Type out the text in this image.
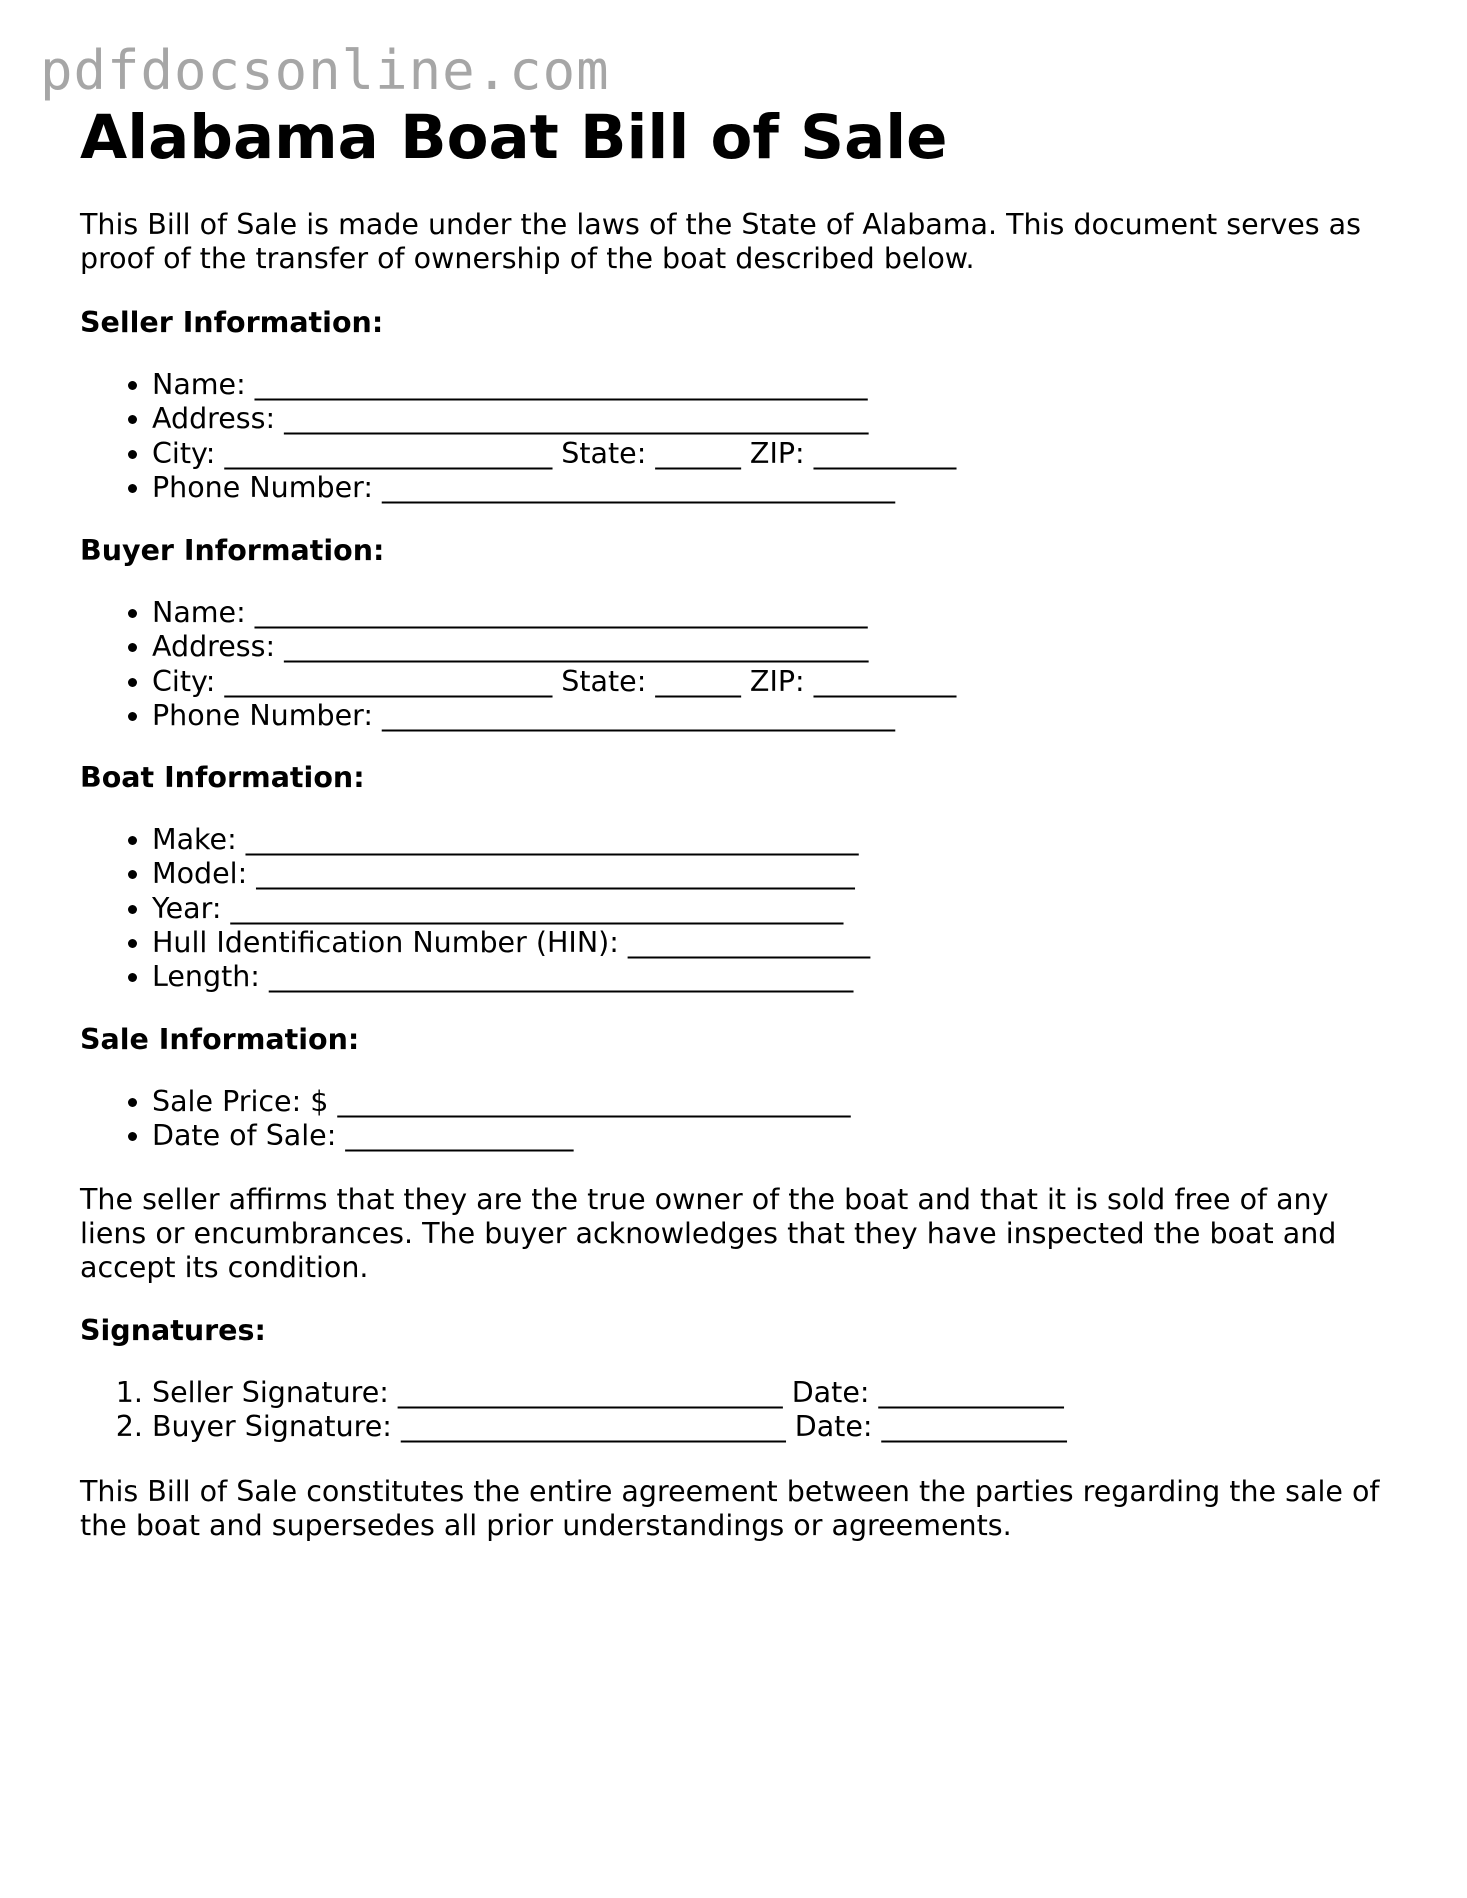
pdfdocsonline.com
Alabama Boat Bill of Sale

This Bill of Sale is made under the laws of the State of Alabama. This document serves as proof of the transfer of ownership of the boat described below.

Seller Information:

• Name: ___________________________________________
• Address: _________________________________________
• City: _______________________ State: ______ ZIP: __________
• Phone Number: ____________________________________

Buyer Information:

• Name: ___________________________________________
• Address: _________________________________________
• City: _______________________ State: ______ ZIP: __________
• Phone Number: ____________________________________

Boat Information:

• Make: ___________________________________________
• Model: __________________________________________
• Year: ___________________________________________
• Hull Identification Number (HIN): _________________
• Length: _________________________________________

Sale Information:

• Sale Price: $ ____________________________________
• Date of Sale: ________________

The seller affirms that they are the true owner of the boat and that it is sold free of any liens or encumbrances. The buyer acknowledges that they have inspected the boat and accept its condition.

Signatures:

1. Seller Signature: ___________________________ Date: _____________
2. Buyer Signature: ___________________________ Date: _____________

This Bill of Sale constitutes the entire agreement between the parties regarding the sale of the boat and supersedes all prior understandings or agreements.
